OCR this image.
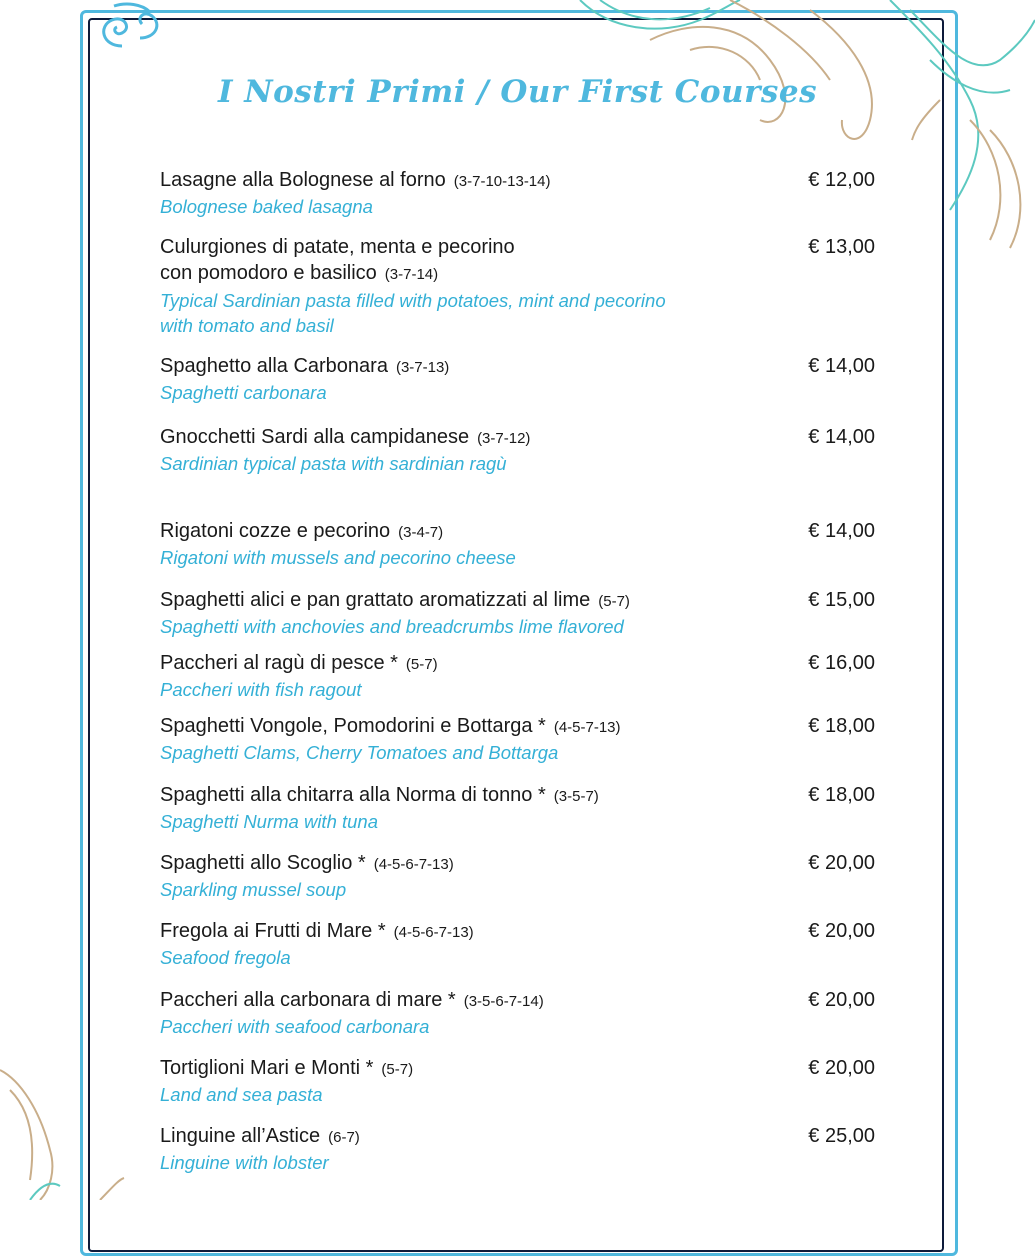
I Nostri Primi / Our First Courses
Lasagne alla Bolognese al forno (3-7-10-13-14)
Bolognese baked lasagna
€ 12,00
Culurgiones di patate, menta e pecorino
con pomodoro e basilico (3-7-14)
Typical Sardinian pasta filled with potatoes, mint and pecorino
with tomato and basil
€ 13,00
Spaghetto alla Carbonara (3-7-13)
Spaghetti carbonara
€ 14,00
Gnocchetti Sardi alla campidanese (3-7-12)
Sardinian typical pasta with sardinian ragù
€ 14,00
Rigatoni cozze e pecorino (3-4-7)
Rigatoni with mussels and pecorino cheese
€ 14,00
Spaghetti alici e pan grattato aromatizzati al lime (5-7)
Spaghetti with anchovies and breadcrumbs lime flavored
€ 15,00
Paccheri al ragù di pesce * (5-7)
Paccheri with fish ragout
€ 16,00
Spaghetti Vongole, Pomodorini e Bottarga * (4-5-7-13)
Spaghetti Clams, Cherry Tomatoes and Bottarga
€ 18,00
Spaghetti alla chitarra alla Norma di tonno * (3-5-7)
Spaghetti Nurma with tuna
€ 18,00
Spaghetti allo Scoglio * (4-5-6-7-13)
Sparkling mussel soup
€ 20,00
Fregola ai Frutti di Mare * (4-5-6-7-13)
Seafood fregola
€ 20,00
Paccheri alla carbonara di mare * (3-5-6-7-14)
Paccheri with seafood carbonara
€ 20,00
Tortiglioni Mari e Monti * (5-7)
Land and sea pasta
€ 20,00
Linguine all’Astice (6-7)
Linguine with lobster
€ 25,00
